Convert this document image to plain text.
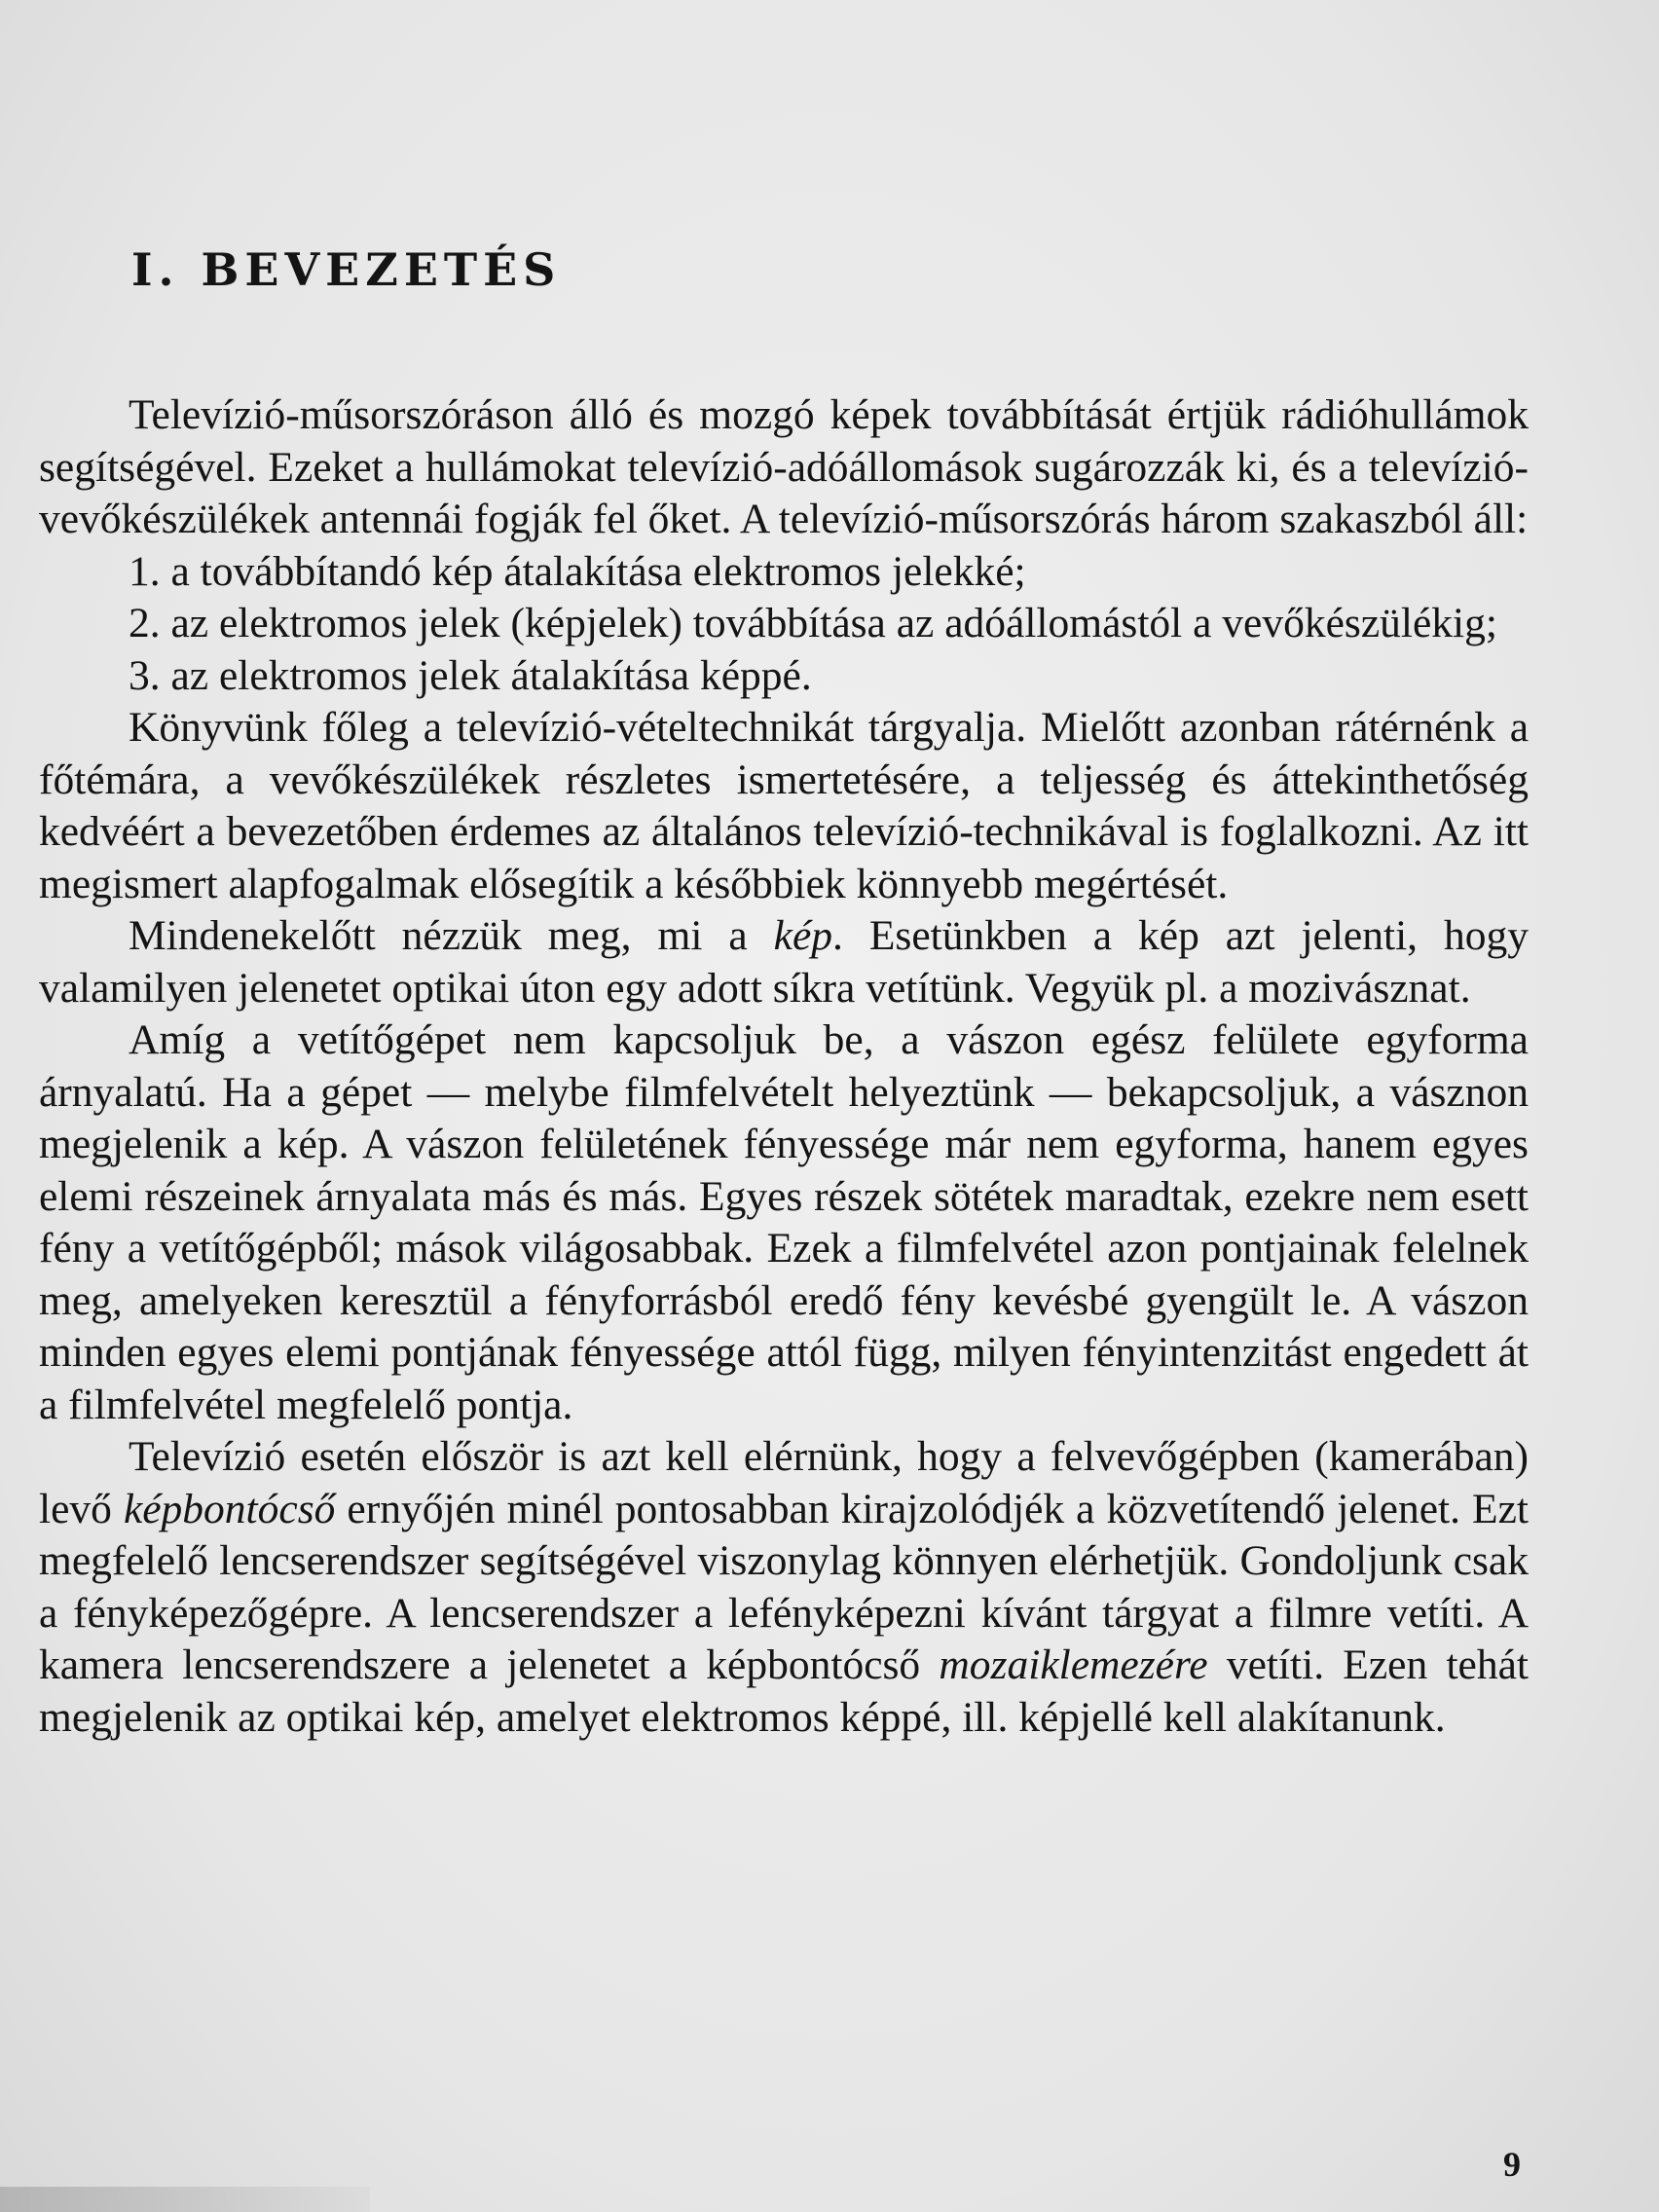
I. BEVEZETÉS

Televízió-műsorszóráson álló és mozgó képek továbbítását értjük rádióhullámok segítségével. Ezeket a hullámokat televízió-adóállomások sugározzák ki, és a televízió-vevőkészülékek antennái fogják fel őket. A televízió-műsorszórás három szakaszból áll:

1. a továbbítandó kép átalakítása elektromos jelekké;

2. az elektromos jelek (képjelek) továbbítása az adóállomástól a vevőkészülékig;

3. az elektromos jelek átalakítása képpé.

Könyvünk főleg a televízió-vételtechnikát tárgyalja. Mielőtt azonban rátérnénk a főtémára, a vevőkészülékek részletes ismertetésére, a teljesség és áttekinthetőség kedvéért a bevezetőben érdemes az általános televízió-technikával is foglalkozni. Az itt megismert alapfogalmak elősegítik a későbbiek könnyebb megértését.

Mindenekelőtt nézzük meg, mi a kép. Esetünkben a kép azt jelenti, hogy valamilyen jelenetet optikai úton egy adott síkra vetítünk. Vegyük pl. a mozivásznat.

Amíg a vetítőgépet nem kapcsoljuk be, a vászon egész felülete egyforma árnyalatú. Ha a gépet — melybe filmfelvételt helyeztünk — bekapcsoljuk, a vásznon megjelenik a kép. A vászon felületének fényessége már nem egyforma, hanem egyes elemi részeinek árnyalata más és más. Egyes részek sötétek maradtak, ezekre nem esett fény a vetítőgépből; mások világosabbak. Ezek a filmfelvétel azon pontjainak felelnek meg, amelyeken keresztül a fényforrásból eredő fény kevésbé gyengült le. A vászon minden egyes elemi pontjának fényessége attól függ, milyen fényintenzitást engedett át a filmfelvétel megfelelő pontja.

Televízió esetén először is azt kell elérnünk, hogy a felvevőgépben (kamerában) levő képbontócső ernyőjén minél pontosabban kirajzolódjék a közvetítendő jelenet. Ezt megfelelő lencserendszer segítségével viszonylag könnyen elérhetjük. Gondoljunk csak a fényképezőgépre. A lencserendszer a lefényképezni kívánt tárgyat a filmre vetíti. A kamera lencserendszere a jelenetet a képbontócső mozaiklemezére vetíti. Ezen tehát megjelenik az optikai kép, amelyet elektromos képpé, ill. képjellé kell alakítanunk.

9
